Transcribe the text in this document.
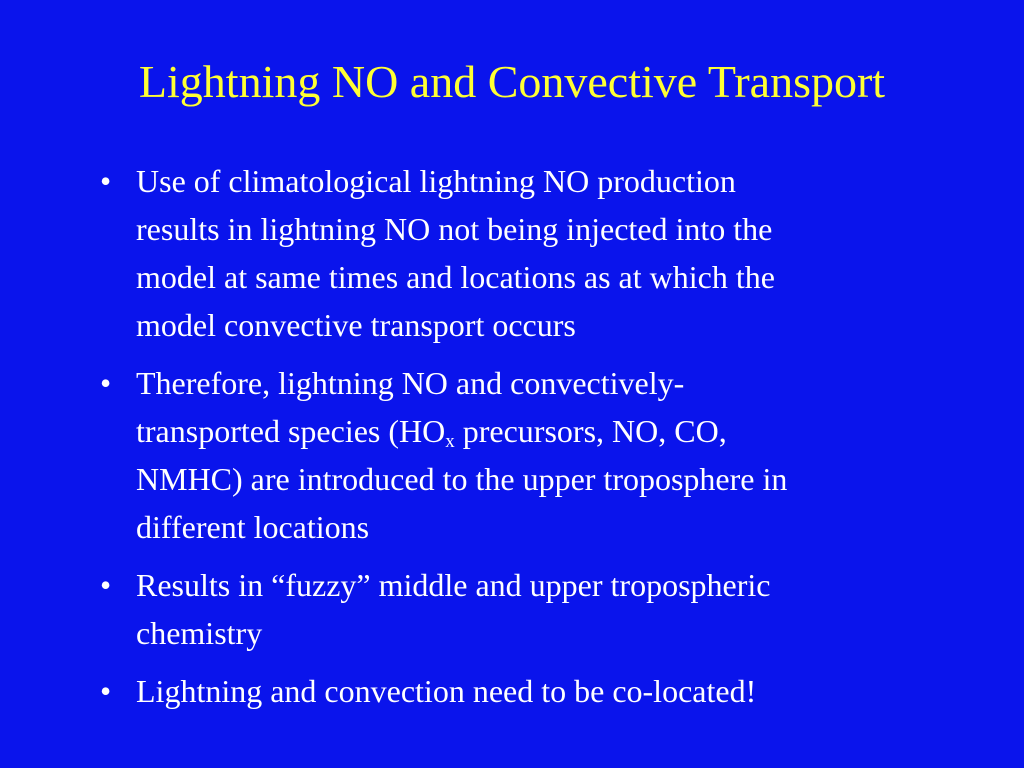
Lightning NO and Convective Transport
• Use of climatological lightning NO production
results in lightning NO not being injected into the
model at same times and locations as at which the
model convective transport occurs
• Therefore, lightning NO and convectively-
transported species ($HO_x$ precursors, NO, CO,
NMHC) are introduced to the upper troposphere in
different locations
• Results in “fuzzy” middle and upper tropospheric
chemistry
• Lightning and convection need to be co-located!
